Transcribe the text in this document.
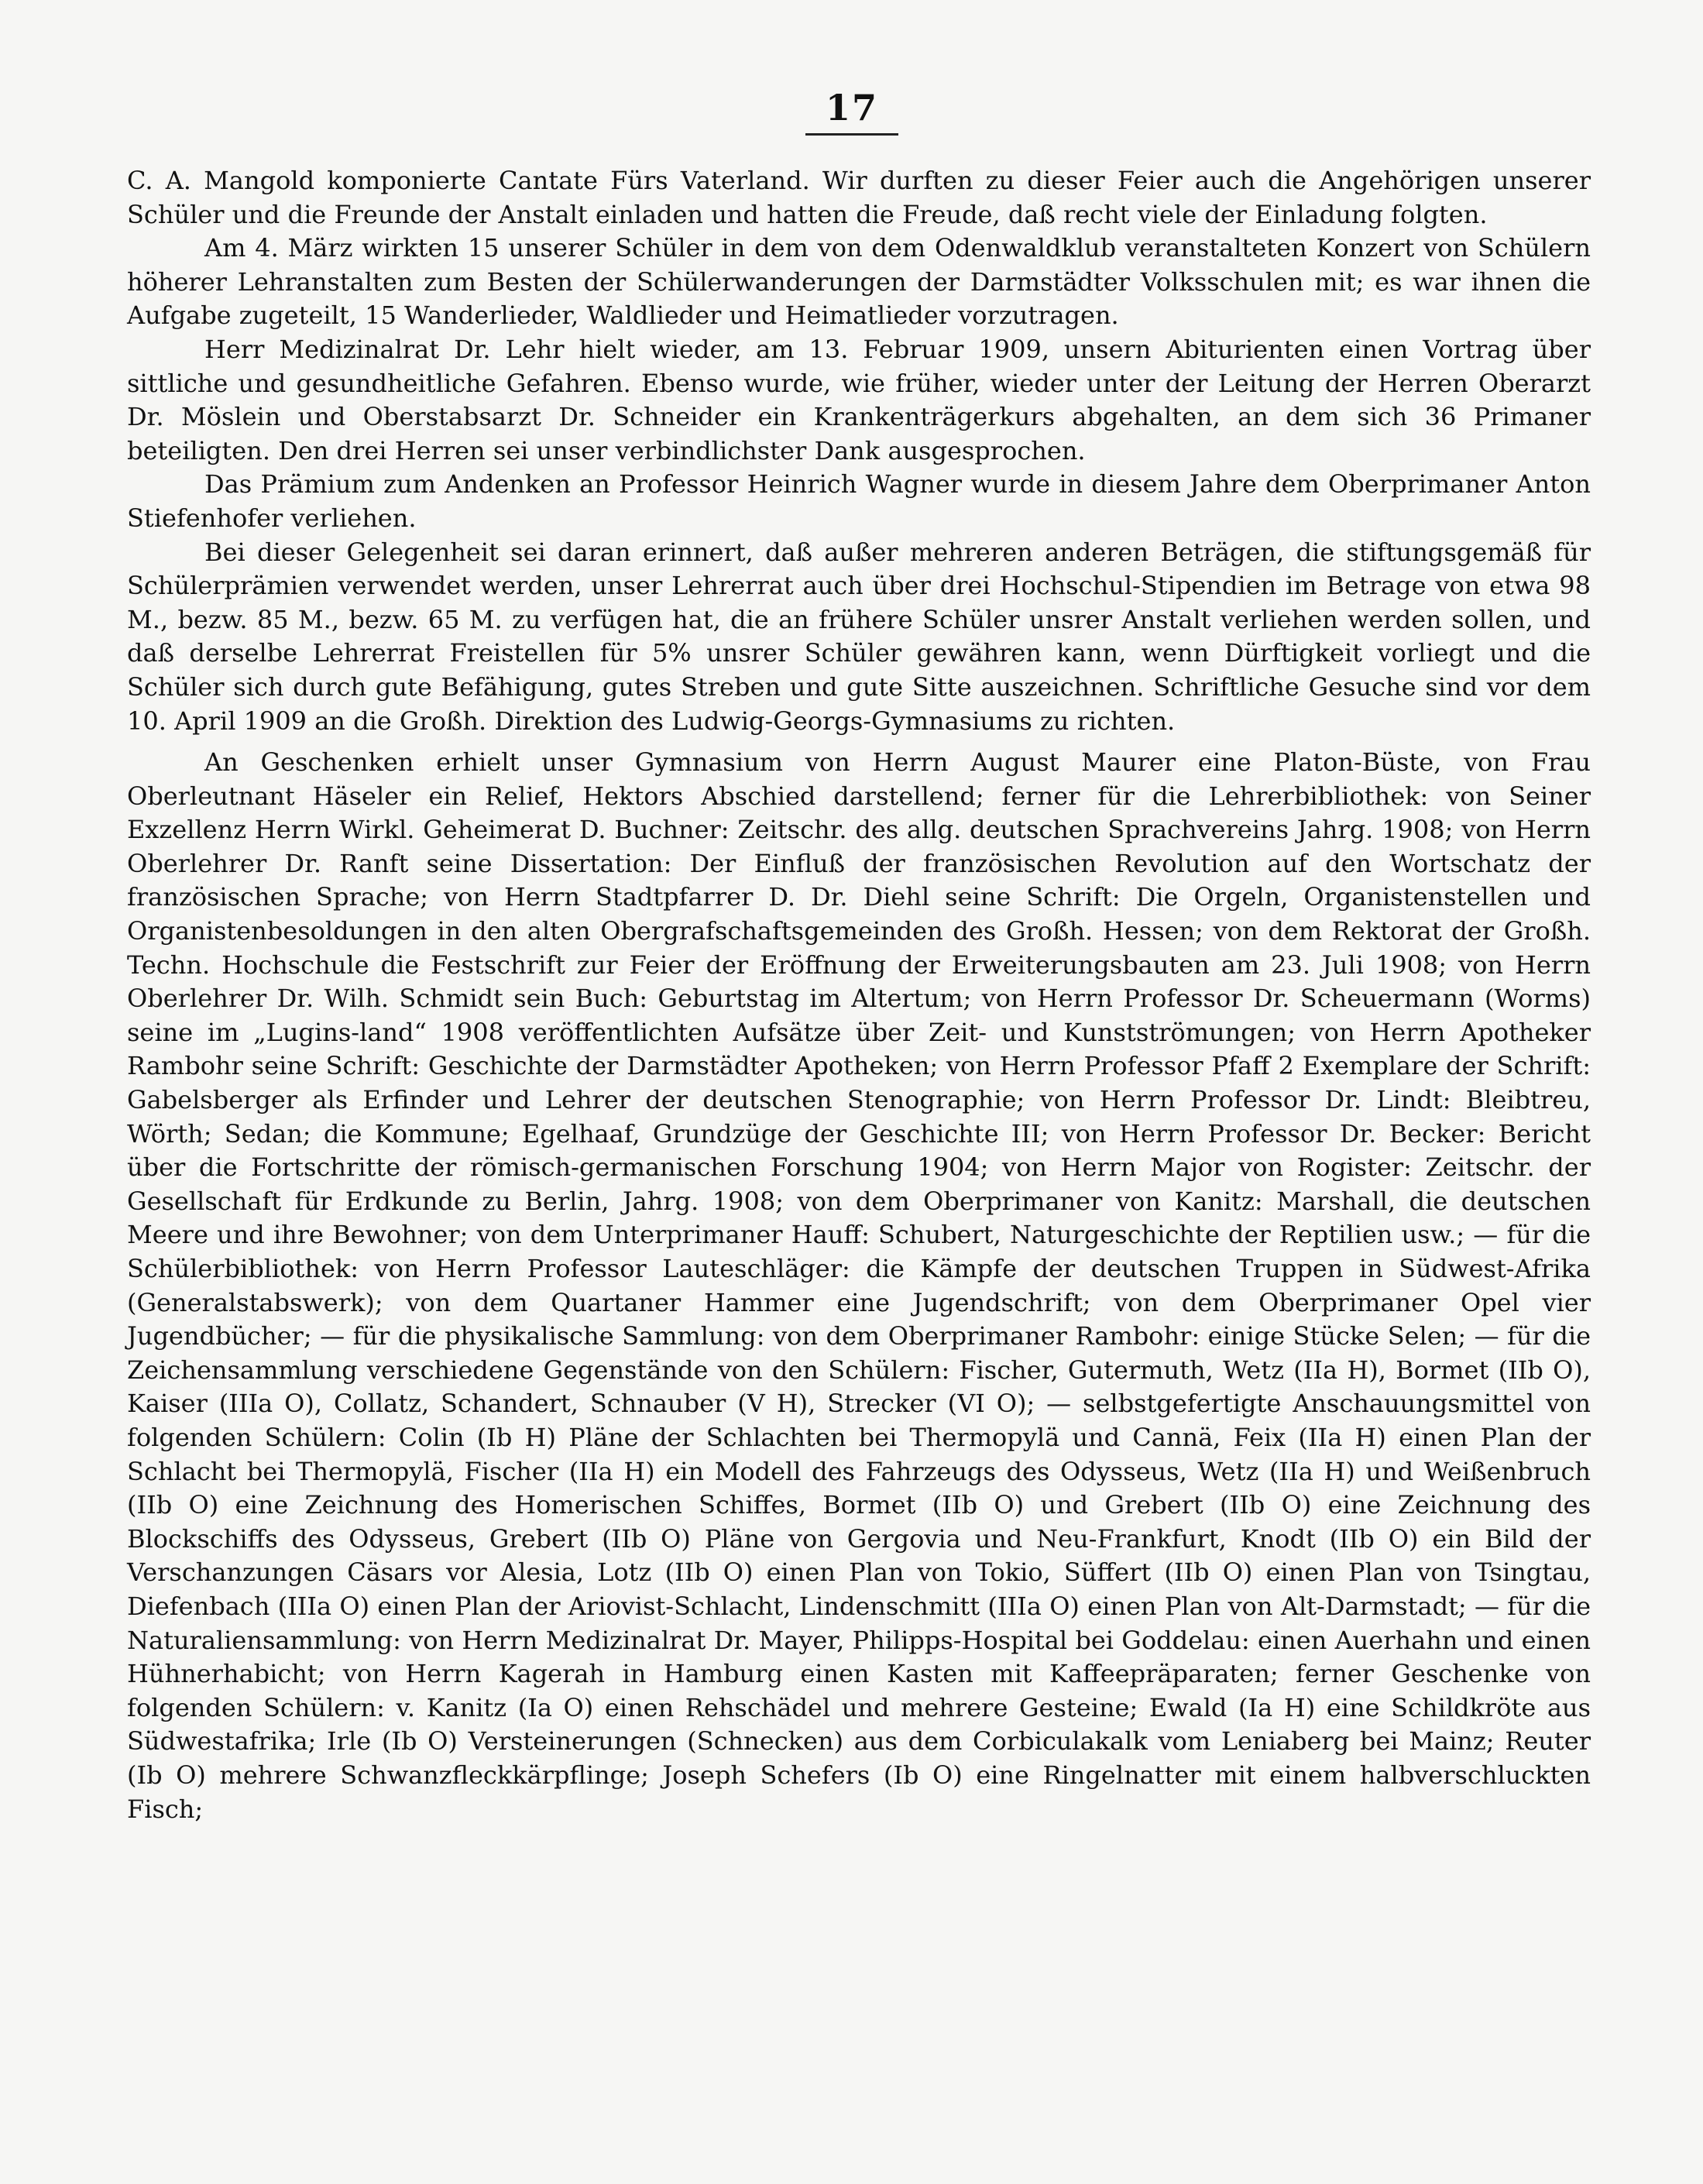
17

C. A. Mangold komponierte Cantate Fürs Vaterland. Wir durften zu dieser Feier auch die Angehörigen unserer Schüler und die Freunde der Anstalt einladen und hatten die Freude, daß recht viele der Einladung folgten.

Am 4. März wirkten 15 unserer Schüler in dem von dem Odenwaldklub veranstalteten Konzert von Schülern höherer Lehranstalten zum Besten der Schülerwanderungen der Darmstädter Volksschulen mit; es war ihnen die Aufgabe zugeteilt, 15 Wanderlieder, Waldlieder und Heimatlieder vorzutragen.

Herr Medizinalrat Dr. Lehr hielt wieder, am 13. Februar 1909, unsern Abiturienten einen Vortrag über sittliche und gesundheitliche Gefahren. Ebenso wurde, wie früher, wieder unter der Leitung der Herren Oberarzt Dr. Möslein und Oberstabsarzt Dr. Schneider ein Krankenträgerkurs abgehalten, an dem sich 36 Primaner beteiligten. Den drei Herren sei unser verbindlichster Dank ausgesprochen.

Das Prämium zum Andenken an Professor Heinrich Wagner wurde in diesem Jahre dem Oberprimaner Anton Stiefenhofer verliehen.

Bei dieser Gelegenheit sei daran erinnert, daß außer mehreren anderen Beträgen, die stiftungsgemäß für Schülerprämien verwendet werden, unser Lehrerrat auch über drei Hochschul-Stipendien im Betrage von etwa 98 M., bezw. 85 M., bezw. 65 M. zu verfügen hat, die an frühere Schüler unsrer Anstalt verliehen werden sollen, und daß derselbe Lehrerrat Freistellen für 5% unsrer Schüler gewähren kann, wenn Dürftigkeit vorliegt und die Schüler sich durch gute Befähigung, gutes Streben und gute Sitte auszeichnen. Schriftliche Gesuche sind vor dem 10. April 1909 an die Großh. Direktion des Ludwig-Georgs-Gymnasiums zu richten.

An Geschenken erhielt unser Gymnasium von Herrn August Maurer eine Platon-Büste, von Frau Oberleutnant Häseler ein Relief, Hektors Abschied darstellend; ferner für die Lehrerbibliothek: von Seiner Exzellenz Herrn Wirkl. Geheimerat D. Buchner: Zeitschr. des allg. deutschen Sprachvereins Jahrg. 1908; von Herrn Oberlehrer Dr. Ranft seine Dissertation: Der Einfluß der französischen Revolution auf den Wortschatz der französischen Sprache; von Herrn Stadtpfarrer D. Dr. Diehl seine Schrift: Die Orgeln, Organistenstellen und Organistenbesoldungen in den alten Obergrafschaftsgemeinden des Großh. Hessen; von dem Rektorat der Großh. Techn. Hochschule die Festschrift zur Feier der Eröffnung der Erweiterungsbauten am 23. Juli 1908; von Herrn Oberlehrer Dr. Wilh. Schmidt sein Buch: Geburtstag im Altertum; von Herrn Professor Dr. Scheuermann (Worms) seine im „Lugins-land“ 1908 veröffentlichten Aufsätze über Zeit- und Kunstströmungen; von Herrn Apotheker Rambohr seine Schrift: Geschichte der Darmstädter Apotheken; von Herrn Professor Pfaff 2 Exemplare der Schrift: Gabelsberger als Erfinder und Lehrer der deutschen Stenographie; von Herrn Professor Dr. Lindt: Bleibtreu, Wörth; Sedan; die Kommune; Egelhaaf, Grundzüge der Geschichte III; von Herrn Professor Dr. Becker: Bericht über die Fortschritte der römisch-germanischen Forschung 1904; von Herrn Major von Rogister: Zeitschr. der Gesellschaft für Erdkunde zu Berlin, Jahrg. 1908; von dem Oberprimaner von Kanitz: Marshall, die deutschen Meere und ihre Bewohner; von dem Unterprimaner Hauff: Schubert, Naturgeschichte der Reptilien usw.; — für die Schülerbibliothek: von Herrn Professor Lauteschläger: die Kämpfe der deutschen Truppen in Südwest-Afrika (Generalstabswerk); von dem Quartaner Hammer eine Jugendschrift; von dem Oberprimaner Opel vier Jugendbücher; — für die physikalische Sammlung: von dem Oberprimaner Rambohr: einige Stücke Selen; — für die Zeichensammlung verschiedene Gegenstände von den Schülern: Fischer, Gutermuth, Wetz (IIa H), Bormet (IIb O), Kaiser (IIIa O), Collatz, Schandert, Schnauber (V H), Strecker (VI O); — selbstgefertigte Anschauungsmittel von folgenden Schülern: Colin (Ib H) Pläne der Schlachten bei Thermopylä und Cannä, Feix (IIa H) einen Plan der Schlacht bei Thermopylä, Fischer (IIa H) ein Modell des Fahrzeugs des Odysseus, Wetz (IIa H) und Weißenbruch (IIb O) eine Zeichnung des Homerischen Schiffes, Bormet (IIb O) und Grebert (IIb O) eine Zeichnung des Blockschiffs des Odysseus, Grebert (IIb O) Pläne von Gergovia und Neu-Frankfurt, Knodt (IIb O) ein Bild der Verschanzungen Cäsars vor Alesia, Lotz (IIb O) einen Plan von Tokio, Süffert (IIb O) einen Plan von Tsingtau, Diefenbach (IIIa O) einen Plan der Ariovist-Schlacht, Lindenschmitt (IIIa O) einen Plan von Alt-Darmstadt; — für die Naturaliensammlung: von Herrn Medizinalrat Dr. Mayer, Philipps-Hospital bei Goddelau: einen Auerhahn und einen Hühnerhabicht; von Herrn Kagerah in Hamburg einen Kasten mit Kaffeepräparaten; ferner Geschenke von folgenden Schülern: v. Kanitz (Ia O) einen Rehschädel und mehrere Gesteine; Ewald (Ia H) eine Schildkröte aus Südwestafrika; Irle (Ib O) Versteinerungen (Schnecken) aus dem Corbiculakalk vom Leniaberg bei Mainz; Reuter (Ib O) mehrere Schwanzfleckkärpflinge; Joseph Schefers (Ib O) eine Ringelnatter mit einem halbverschluckten Fisch;
